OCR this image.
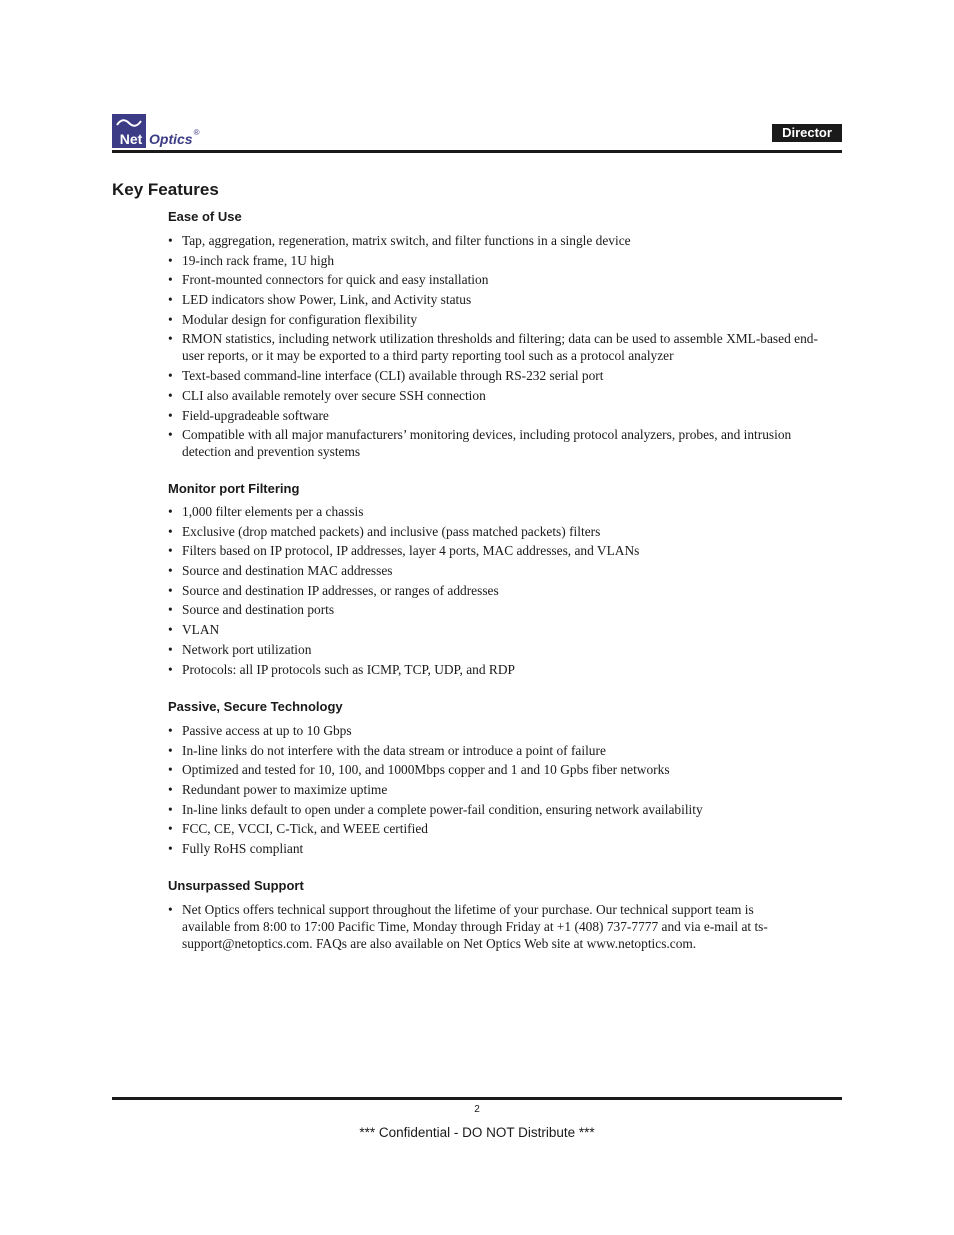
Net Optics ®	Director
Key Features
Ease of Use
• Tap, aggregation, regeneration, matrix switch, and filter functions in a single device
• 19-inch rack frame, 1U high
• Front-mounted connectors for quick and easy installation
• LED indicators show Power, Link, and Activity status
• Modular design for configuration flexibility
• RMON statistics, including network utilization thresholds and filtering; data can be used to assemble XML-based end-user reports, or it may be exported to a third party reporting tool such as a protocol analyzer
• Text-based command-line interface (CLI) available through RS-232 serial port
• CLI also available remotely over secure SSH connection
• Field-upgradeable software
• Compatible with all major manufacturers’ monitoring devices, including protocol analyzers, probes, and intrusion detection and prevention systems
Monitor port Filtering
• 1,000 filter elements per a chassis
• Exclusive (drop matched packets) and inclusive (pass matched packets) filters
• Filters based on IP protocol, IP addresses, layer 4 ports, MAC addresses, and VLANs
• Source and destination MAC addresses
• Source and destination IP addresses, or ranges of addresses
• Source and destination ports
• VLAN
• Network port utilization
• Protocols: all IP protocols such as ICMP, TCP, UDP, and RDP
Passive, Secure Technology
• Passive access at up to 10 Gbps
• In-line links do not interfere with the data stream or introduce a point of failure
• Optimized and tested for 10, 100, and 1000Mbps copper and 1 and 10 Gpbs fiber networks
• Redundant power to maximize uptime
• In-line links default to open under a complete power-fail condition, ensuring network availability
• FCC, CE, VCCI, C-Tick, and WEEE certified
• Fully RoHS compliant
Unsurpassed Support
• Net Optics offers technical support throughout the lifetime of your purchase. Our technical support team is available from 8:00 to 17:00 Pacific Time, Monday through Friday at +1 (408) 737-7777 and via e-mail at ts-support@netoptics.com. FAQs are also available on Net Optics Web site at www.netoptics.com.
2
*** Confidential - DO NOT Distribute ***
